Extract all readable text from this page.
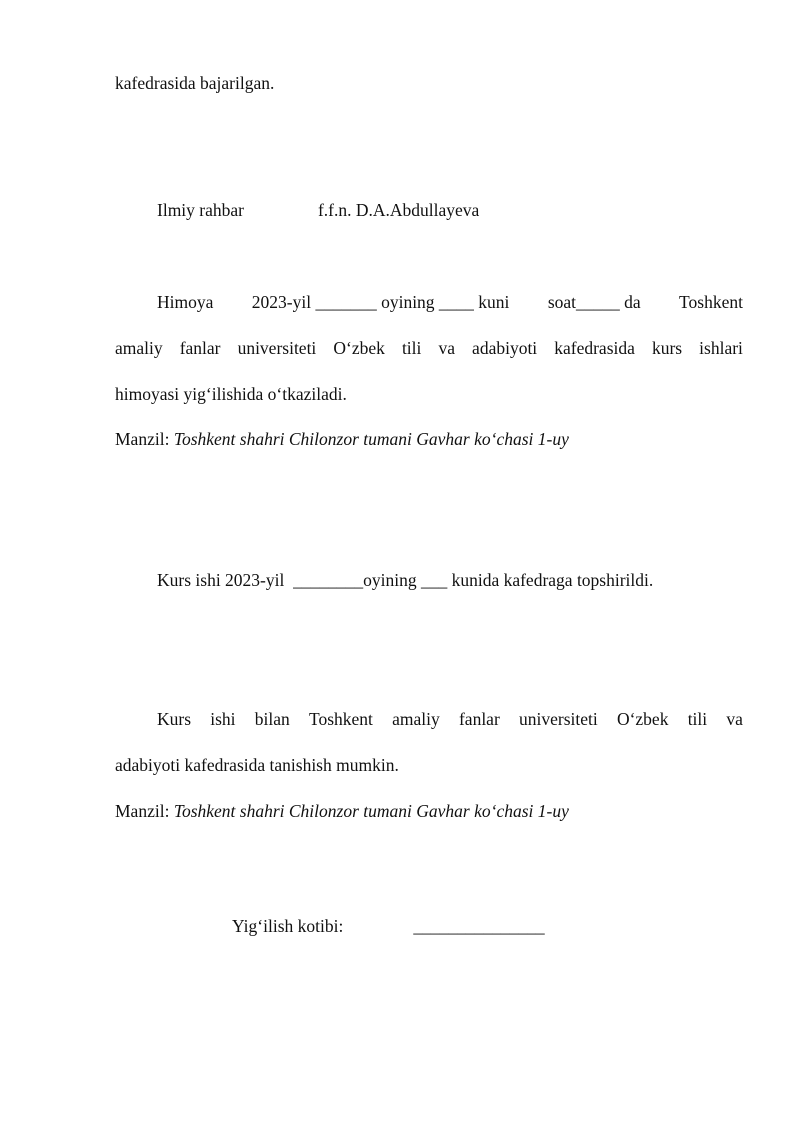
kafedrasida bajarilgan.
Ilmiy rahbar	f.f.n. D.A.Abdullayeva
Himoya 2023-yil _______ oyining ____ kuni soat_____ da Toshkent
amaliy fanlar universiteti O‘zbek tili va adabiyoti kafedrasida kurs ishlari
himoyasi yig‘ilishida o‘tkaziladi.
Manzil: Toshkent shahri Chilonzor tumani Gavhar ko‘chasi 1-uy
Kurs ishi 2023-yil  ________oyining ___ kunida kafedraga topshirildi.
Kurs ishi bilan Toshkent amaliy fanlar universiteti O‘zbek tili va
adabiyoti kafedrasida tanishish mumkin.
Manzil: Toshkent shahri Chilonzor tumani Gavhar ko‘chasi 1-uy
Yig‘ilish kotibi:	_______________
